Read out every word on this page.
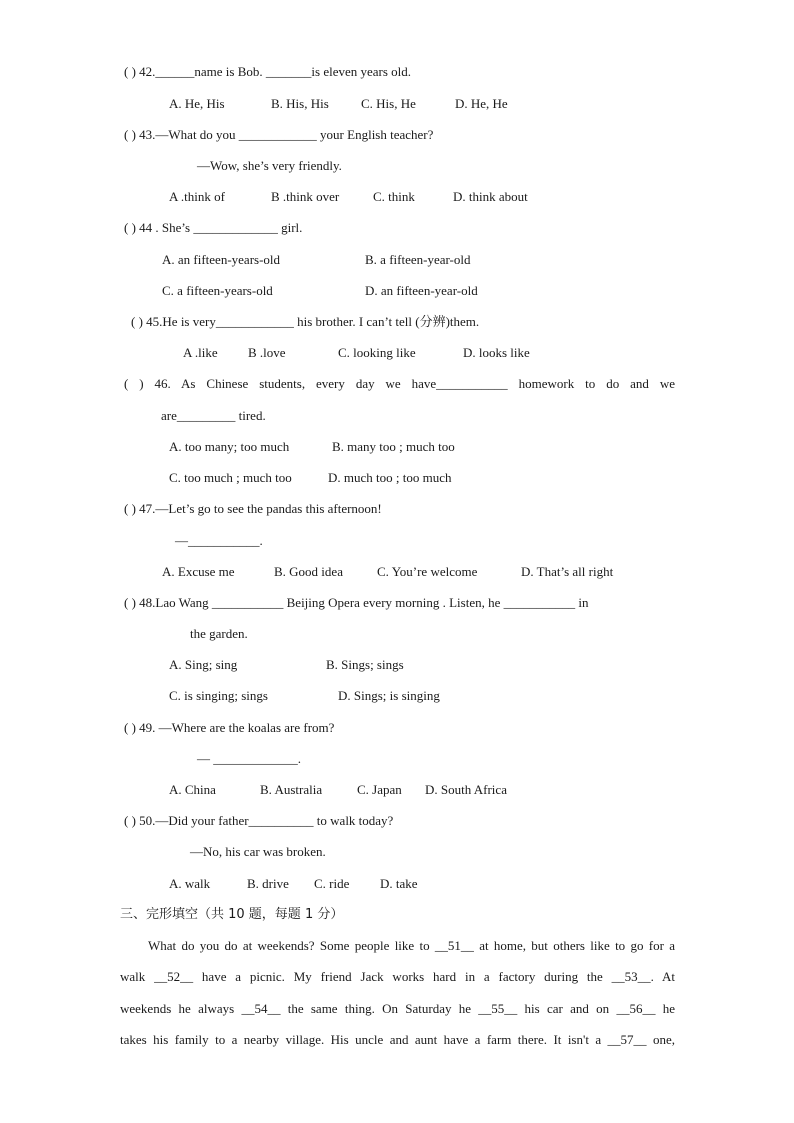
( ) 42.______name is Bob. _______is eleven years old.
A. He, His	B. His, His C. His, He	D. He, He
( ) 43.—What do you ____________ your English teacher?
—Wow, she’s very friendly.
A .think of	B .think over	C. think	D. think about
( ) 44 . She’s _____________ girl.
A. an fifteen-years-old	B. a fifteen-year-old
C. a fifteen-years-old	D. an fifteen-year-old
( ) 45.He is very____________ his brother. I can’t tell (分辨)them.
A .like B .love	C. looking like	D. looks like
( ) 46. As Chinese students, every day we have___________ homework to do and we
are_________ tired.
A. too many; too much	B. many too ; much too
C. too much ; much too	D. much too ; too much
( ) 47.—Let’s go to see the pandas this afternoon!
—___________.
A. Excuse me	B. Good idea	C. You’re welcome	D. That’s all right
( ) 48.Lao Wang ___________ Beijing Opera every morning . Listen, he ___________ in
the garden.
A. Sing; sing	B. Sings; sings
C. is singing; sings	D. Sings; is singing
( ) 49. —Where are the koalas are from?
— _____________.
A. China	B. Australia	C. Japan D. South Africa
( ) 50.—Did your father__________ to walk today?
—No, his car was broken.
A. walk	B. drive C. ride D. take
三、完形填空（共 10 题，每题 1 分）
What do you do at weekends? Some people like to __51__ at home, but others like to go for a
walk __52__ have a picnic. My friend Jack works hard in a factory during the __53__. At
weekends he always __54__ the same thing. On Saturday he __55__ his car and on __56__ he
takes his family to a nearby village. His uncle and aunt have a farm there. It isn't a __57__ one,
